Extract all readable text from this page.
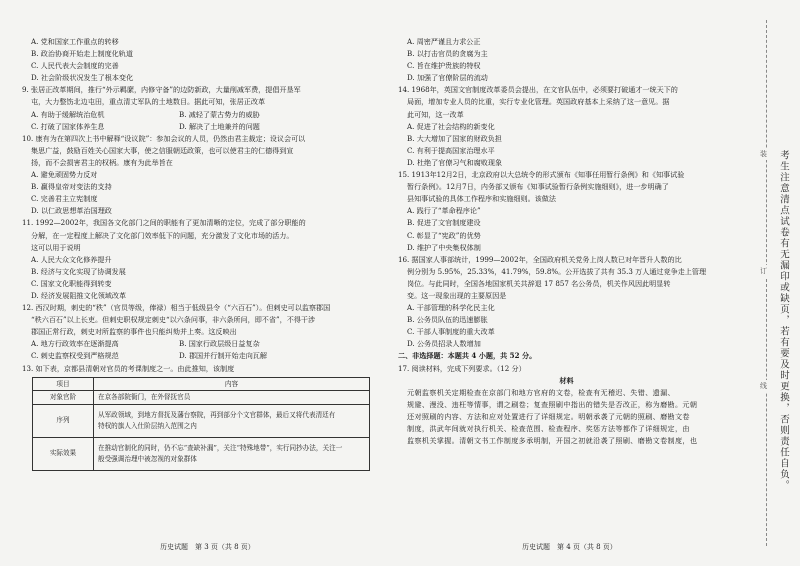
A. 党和国家工作重点的转移
B. 政治协商开始走上制度化轨道
C. 人民代表大会制度的完善
D. 社会阶级状况发生了根本变化
9. 张居正改革期间，推行“外示羁縻，内修守备”的边防新政，大量削减军费，提倡开垦军
屯，大力整饬北边屯田，重点清丈军队的土地数目。据此可知，张居正改革
A. 有助于缓解统治危机	B. 减轻了蒙古势力的威胁
C. 打破了国家体养生息	D. 解决了土地兼并的问题
10. 康有为在第四次上书中解释“设议院”：参加会议的人员，仍然由君主裁定；设议会可以
集思广益，鼓励百姓关心国家大事，使之信服朝廷政策，也可以使君主的仁德得到宣
扬，而不会损害君主的权柄。康有为此举旨在
A. 避免顽固势力反对
B. 赢得皇帝对变法的支持
C. 完善君主立宪制度
D. 以仁政思想革治国理政
11. 1992—2002年，我国各文化部门之间的职能有了更加清晰的定位，完成了部分职能的
分解，在一定程度上解决了文化部门效率低下的问题，充分激发了文化市场的活力。
这可以用于说明
A. 人民大众文化修养提升
B. 经济与文化实现了协调发展
C. 国家文化职能得到转变
D. 经济发展阻推文化领域改革
12. 西汉时期，刺史的“秩”（官员等级，俸禄）相当于低级县令（“六百石”）。但刺史可以监察郡国
“秩六百石”以上长吏。但刺史职权规定刺史“以六条问事，非六条所问，即不省”，不得干涉
郡国正常行政，刺史对所监察的事件也只能纠劾并上奏。这反映出
A. 地方行政效率在逐渐提高	B. 国家行政层级日益复杂
C. 刺史监察权受到严格规范	D. 郡国并行制开始走向瓦解
13. 如下表，京都县清朝对官员的考课制度之一。由此推知，该制度
项目	内容
对象官阶	在京各部院衙门，在外督抚官员
序列	从军政领域，到地方督抚及藩台察院，再到部分个文官群体，最后又将代表清廷有
特权的旗人入仕阶层纳入范围之内

实际效果	在推动官制化的同时，仍不忘“查缺补漏”，关注“特殊地带”，实行同抄办法，关注一
般受强调治理中被忽视的对象群体
历史试题　第 3 页（共 8 页）
A. 周密严谨且力求公正
B. 以打击官员的贪腐为主
C. 旨在维护贵族的特权
D. 加强了官僚阶层的流动
14. 1968年，英国文官制度改革委员会提出，在文官队伍中，必须要打破通才一统天下的
局面，增加专业人员的比重，实行专业化管理。英国政府基本上采纳了这一意见。据
此可知，这一改革
A. 促进了社会结构的新变化
B. 大大增加了国家的财政负担
C. 有利于提高国家治理水平
D. 杜绝了官僚习气和腐败现象
15. 1913年12月2日，北京政府以大总统令的形式颁布《知事任用暂行条例》和《知事试验
暂行条例》。12月7日，内务部又颁布《知事试验暂行条例实施细则》，进一步明确了
县知事试验的具体工作程序和实施细则。该做法
A. 践行了“革命程序论”
B. 促进了文官制度建设
C. 彰显了“宪政”的优势
D. 维护了中央集权体制
16. 据国家人事部统计，1999—2002年，全国政府机关党务上岗人数已对年晋升人数的比
例分别为 5.95%，25.33%，41.79%，59.8%。公开选拔了共有 35.3 万人通过竞争走上管理
岗位。与此同时，全国各地国家机关共辞退 17 857 名公务员，机关作风因此明显转
变。这一现象出现的主要原因是
A. 干部管理的科学化民主化
B. 公务员队伍的迅速膨胀
C. 干部人事制度的重大改革
D. 公务员招录人数增加
二、非选择题：本题共 4 小题，共 52 分。
17. 阅读材料，完成下列要求。（12 分）
材料
元朝监察机关定期检查在京部门和地方官府的文卷，检查有无稽迟、失错、遗漏、
规避、漫没、违枉等情事，谓之刷卷；复查照刷中指出的错失是否改正，称为磨勘。元朝
还对照刷的内容、方法和应对处置进行了详细规定。明朝承袭了元朝的照刷、磨勘文卷
制度，洪武年间就对执行机关、检查范围、检查程序、奖惩方法等都作了详细规定，由
监察机关掌握。清朝文书工作制度多承明制，开国之初就沿袭了照刷、磨勘文卷制度，也
历史试题　第 4 页（共 8 页）
装
订
线 考生注意清点试卷有无漏印或缺页，若有要及时更换，否则责任自负。
